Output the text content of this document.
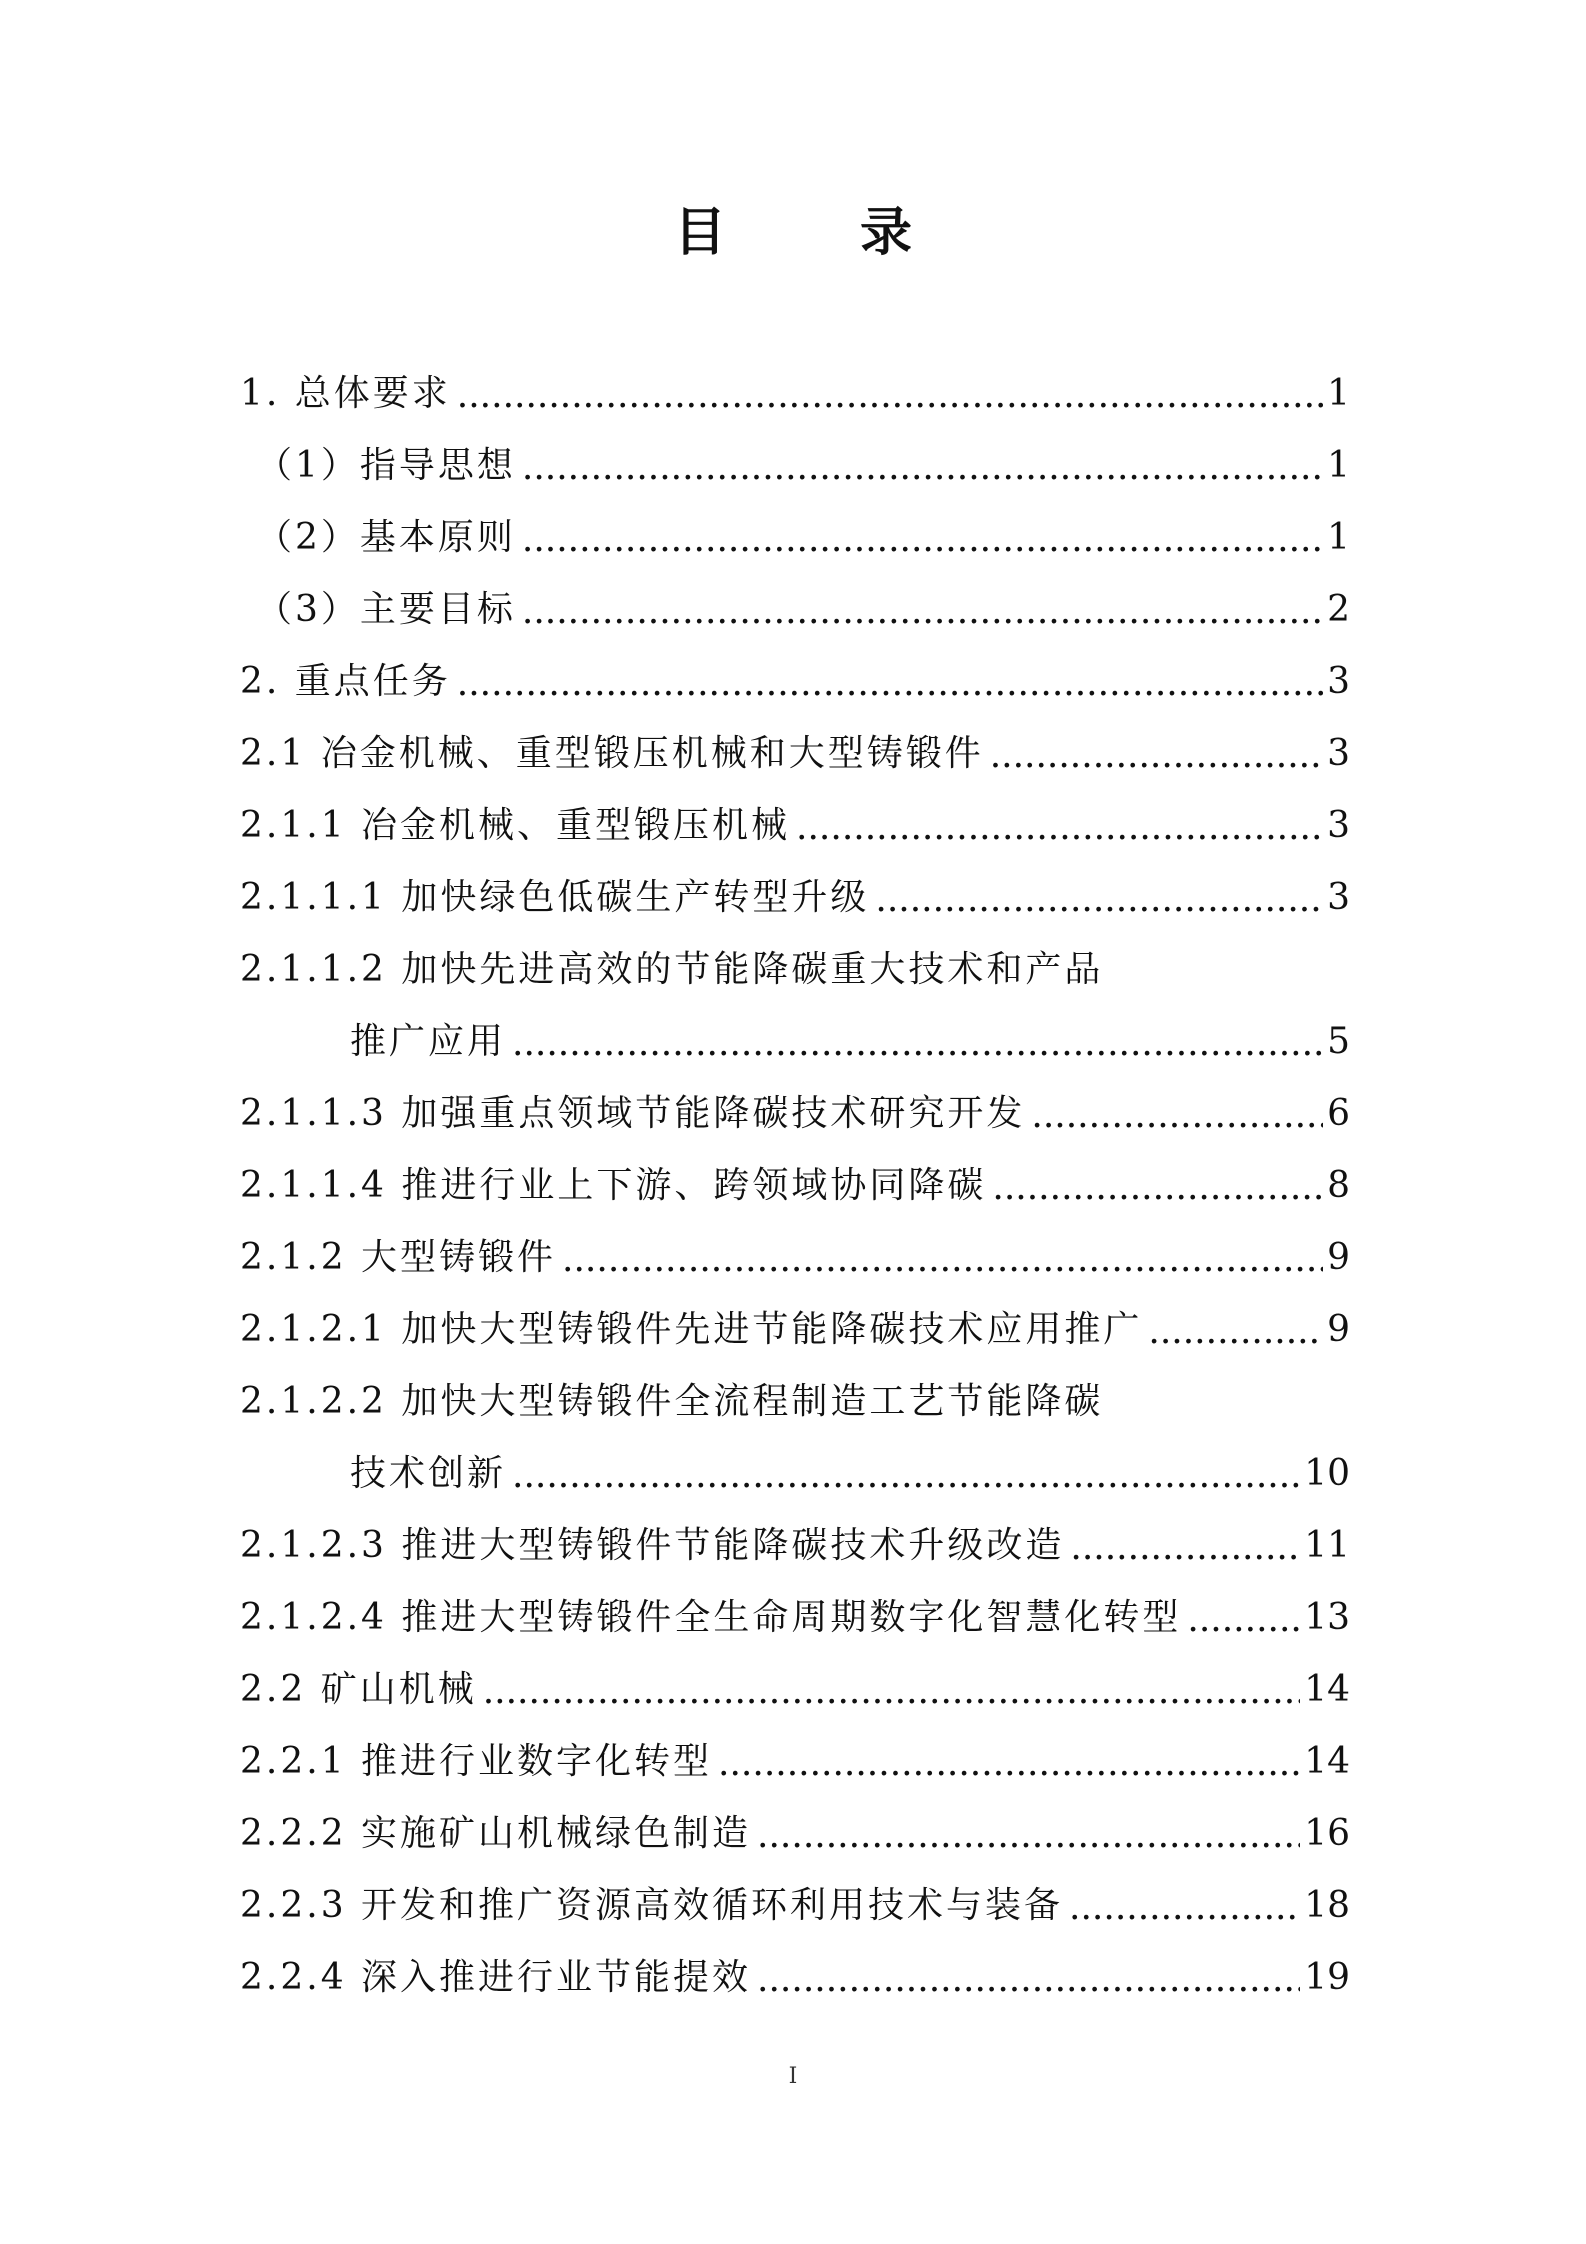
目 录
1. 总体要求 .....	1
（1）指导思想 .....	1
（2）基本原则 .....	1
（3）主要目标 .....	2
2. 重点任务 .....	3
2.1 冶金机械、重型锻压机械和大型铸锻件 .....	3
2.1.1 冶金机械、重型锻压机械 .....	3
2.1.1.1 加快绿色低碳生产转型升级 .....	3
2.1.1.2 加快先进高效的节能降碳重大技术和产品
推广应用 .....	5
2.1.1.3 加强重点领域节能降碳技术研究开发 .....	6
2.1.1.4 推进行业上下游、跨领域协同降碳 .....	8
2.1.2 大型铸锻件 .....	9
2.1.2.1 加快大型铸锻件先进节能降碳技术应用推广 .....	9
2.1.2.2 加快大型铸锻件全流程制造工艺节能降碳
技术创新 .....	10
2.1.2.3 推进大型铸锻件节能降碳技术升级改造 .....	11
2.1.2.4 推进大型铸锻件全生命周期数字化智慧化转型 .....	13
2.2 矿山机械 .....	14
2.2.1 推进行业数字化转型 .....	14
2.2.2 实施矿山机械绿色制造 .....	16
2.2.3 开发和推广资源高效循环利用技术与装备 .....	18
2.2.4 深入推进行业节能提效 .....	19
I
